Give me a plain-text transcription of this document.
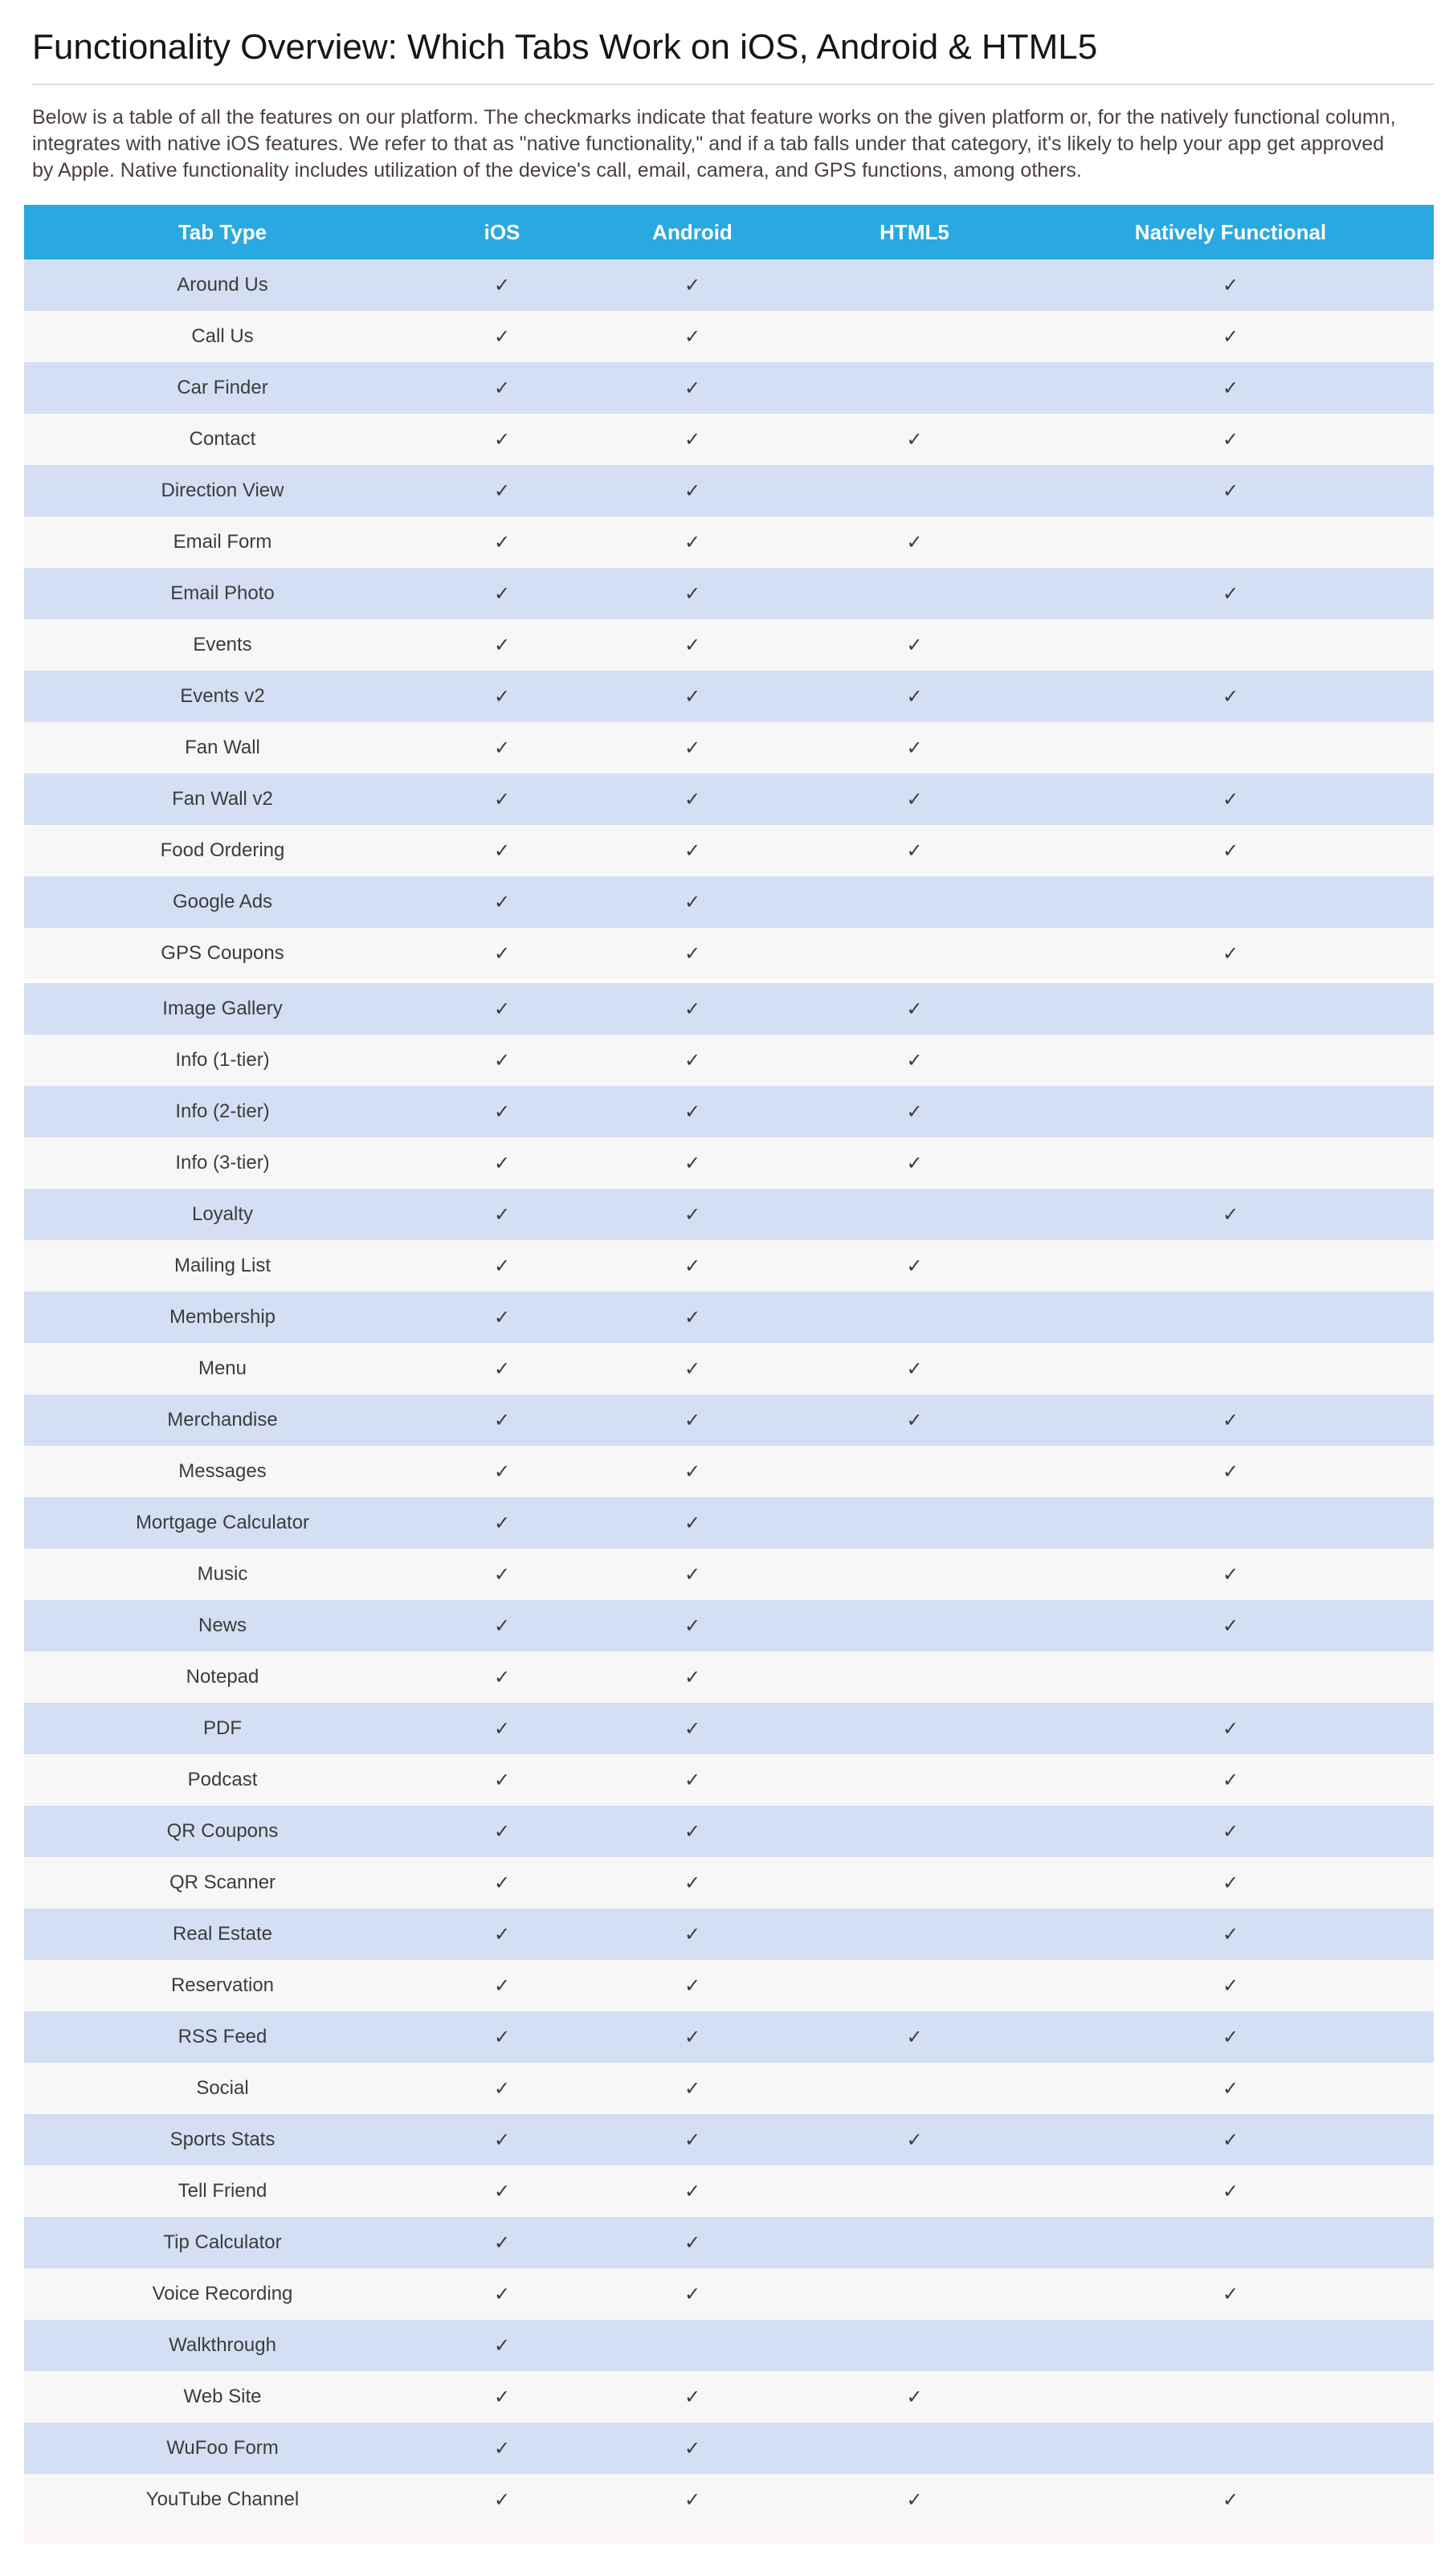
Functionality Overview: Which Tabs Work on iOS, Android & HTML5

Below is a table of all the features on our platform. The checkmarks indicate that feature works on the given platform or, for the natively functional column, integrates with native iOS features. We refer to that as "native functionality," and if a tab falls under that category, it's likely to help your app get approved by Apple. Native functionality includes utilization of the device's call, email, camera, and GPS functions, among others.

Tab Type	iOS	Android	HTML5	Natively Functional
Around Us	✓	✓		✓
Call Us	✓	✓		✓
Car Finder	✓	✓		✓
Contact	✓	✓	✓	✓
Direction View	✓	✓		✓
Email Form	✓	✓	✓	
Email Photo	✓	✓		✓
Events	✓	✓	✓	
Events v2	✓	✓	✓	✓
Fan Wall	✓	✓	✓	
Fan Wall v2	✓	✓	✓	✓
Food Ordering	✓	✓	✓	✓
Google Ads	✓	✓		
GPS Coupons	✓	✓		✓
Image Gallery	✓	✓	✓	
Info (1-tier)	✓	✓	✓	
Info (2-tier)	✓	✓	✓	
Info (3-tier)	✓	✓	✓	
Loyalty	✓	✓		✓
Mailing List	✓	✓	✓	
Membership	✓	✓		
Menu	✓	✓	✓	
Merchandise	✓	✓	✓	✓
Messages	✓	✓		✓
Mortgage Calculator	✓	✓		
Music	✓	✓		✓
News	✓	✓		✓
Notepad	✓	✓		
PDF	✓	✓		✓
Podcast	✓	✓		✓
QR Coupons	✓	✓		✓
QR Scanner	✓	✓		✓
Real Estate	✓	✓		✓
Reservation	✓	✓		✓
RSS Feed	✓	✓	✓	✓
Social	✓	✓		✓
Sports Stats	✓	✓	✓	✓
Tell Friend	✓	✓		✓
Tip Calculator	✓	✓		
Voice Recording	✓	✓		✓
Walkthrough	✓			
Web Site	✓	✓	✓	
WuFoo Form	✓	✓		
YouTube Channel	✓	✓	✓	✓
